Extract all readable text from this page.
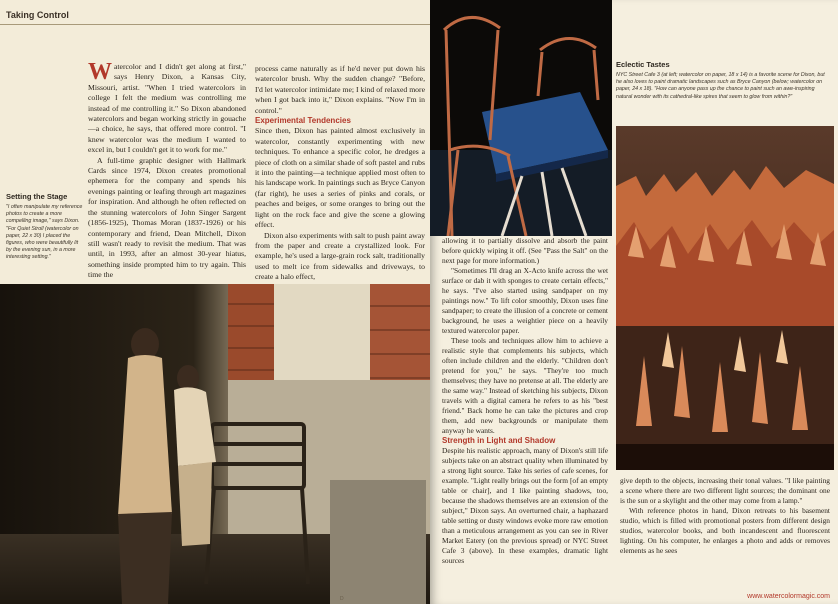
Taking Control
Setting the Stage
"I often manipulate my reference photos to create a more compelling image," says Dixon. "For Quiet Stroll (watercolor on paper, 22 x 30) I placed the figures, who were beautifully lit by the evening sun, in a more interesting setting."

Watercolor and I didn't get along at first," says Henry Dixon, a Kansas City, Missouri, artist. "When I tried watercolors in college I felt the medium was controlling me instead of me controlling it." So Dixon abandoned watercolors and began working strictly in gouache—a choice, he says, that offered more control. "I knew watercolor was the medium I wanted to excel in, but I couldn't get it to work for me."

A full-time graphic designer with Hallmark Cards since 1974, Dixon creates promotional ephemera for the company and spends his evenings painting or leafing through art magazines for inspiration. And although he often reflected on the stunning watercolors of John Singer Sargent (1856-1925), Thomas Moran (1837-1926) or his contemporary and friend, Dean Mitchell, Dixon still wasn't ready to revisit the medium. That was until, in 1993, after an almost 30-year hiatus, something inside prompted him to try again. This time the

process came naturally as if he'd never put down his watercolor brush. Why the sudden change? "Before, I'd let watercolor intimidate me; I kind of relaxed more when I got back into it," Dixon explains. "Now I'm in control."

Experimental Tendencies

Since then, Dixon has painted almost exclusively in watercolor, constantly experimenting with new techniques. To enhance a specific color, he dredges a piece of cloth on a similar shade of soft pastel and rubs it into the painting—a technique applied most often to his landscape work. In paintings such as Bryce Canyon (far right), he uses a series of pinks and corals, or peaches and beiges, or some oranges to bring out the light on the rock face and give the scene a glowing effect.

Dixon also experiments with salt to push paint away from the paper and create a crystallized look. For example, he's used a large-grain rock salt, traditionally used to melt ice from sidewalks and driveways, to create a halo effect,

D
Eclectic Tastes
NYC Street Cafe 3 (at left; watercolor on paper, 18 x 14) is a favorite scene for Dixon, but he also loves to paint dramatic landscapes such as Bryce Canyon (below; watercolor on paper, 24 x 18). "How can anyone pass up the chance to paint such an awe-inspiring natural wonder with its cathedral-like spires that seem to glow from within?"

allowing it to partially dissolve and absorb the paint before quickly wiping it off. (See "Pass the Salt" on the next page for more information.)

"Sometimes I'll drag an X-Acto knife across the wet surface or dab it with sponges to create certain effects," he says. "I've also started using sandpaper on my paintings now." To lift color smoothly, Dixon uses fine sandpaper; to create the illusion of a concrete or cement background, he uses a weightier piece on a heavily textured watercolor paper.

These tools and techniques allow him to achieve a realistic style that complements his subjects, which often include children and the elderly. "Children don't pretend for you," he says. "They're too much themselves; they have no pretense at all. The elderly are the same way." Instead of sketching his subjects, Dixon travels with a digital camera he refers to as his "best friend." Back home he can take the pictures and crop them, add new backgrounds or manipulate them anyway he wants.

Strength in Light and Shadow

Despite his realistic approach, many of Dixon's still life subjects take on an abstract quality when illuminated by a strong light source. Take his series of cafe scenes, for example. "Light really brings out the form [of an empty table or chair], and I like painting shadows, too, because the shadows themselves are an extension of the subject," Dixon says. An overturned chair, a haphazard table setting or dusty windows evoke more raw emotion than a meticulous arrangement as you can see in River Market Eatery (on the previous spread) or NYC Street Cafe 3 (above). In these examples, dramatic light sources

give depth to the objects, increasing their tonal values. "I like painting a scene where there are two different light sources; the dominant one is the sun or a skylight and the other may come from a lamp."

With reference photos in hand, Dixon retreats to his basement studio, which is filled with promotional posters from different design studios, watercolor books, and both incandescent and fluorescent lighting. On his computer, he enlarges a photo and adds or removes elements as he sees

www.watercolormagic.com
